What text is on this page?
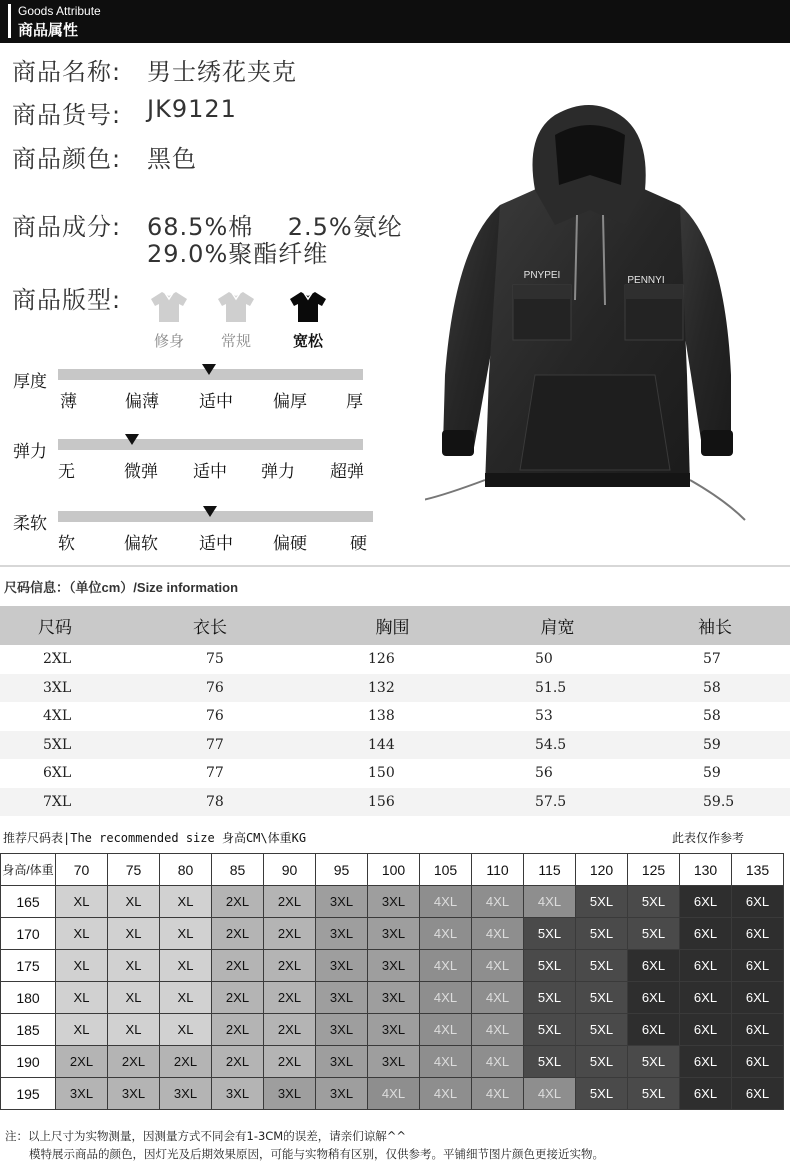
Goods Attribute
商品属性
商品名称: 男士绣花夹克
商品货号: JK9121
商品颜色: 黑色
商品成分: 68.5%棉    2.5%氨纶
29.0%聚酯纤维
商品版型:
修身	常规	宽松
厚度
薄	偏薄 适中 偏厚 厚
弹力
无	微弹 适中 弹力 超弹
柔软
软	偏软 适中 偏硬	硬
PNYPEI	PENNYI
尺码信息：（单位cm）/Size information
尺码	衣长	胸围	肩宽	袖长
2XL	75	126	50	57
3XL	76	132	51.5	58
4XL	76	138	53	58
5XL	77	144	54.5	59
6XL	77	150	56	59
7XL	78	156	57.5	59.5
推荐尺码表|The recommended size 身高CM\体重KG	此表仅作参考
身高/体重	70	75	80	85	90	95	100	105	110	115	120	125	130	135
165	XL	XL	XL	2XL	2XL	3XL	3XL	4XL	4XL	4XL	5XL	5XL	6XL	6XL
170	XL	XL	XL	2XL	2XL	3XL	3XL	4XL	4XL	5XL	5XL	5XL	6XL	6XL
175	XL	XL	XL	2XL	2XL	3XL	3XL	4XL	4XL	5XL	5XL	6XL	6XL	6XL
180	XL	XL	XL	2XL	2XL	3XL	3XL	4XL	4XL	5XL	5XL	6XL	6XL	6XL
185	XL	XL	XL	2XL	2XL	3XL	3XL	4XL	4XL	5XL	5XL	6XL	6XL	6XL
190	2XL	2XL	2XL	2XL	2XL	3XL	3XL	4XL	4XL	5XL	5XL	5XL	6XL	6XL
195	3XL	3XL	3XL	3XL	3XL	3XL	4XL	4XL	4XL	4XL	5XL	5XL	6XL	6XL
注：以上尺寸为实物测量，因测量方式不同会有1-3CM的误差，请亲们谅解^^
模特展示商品的颜色，因灯光及后期效果原因，可能与实物稍有区别，仅供参考。平铺细节图片颜色更接近实物。
